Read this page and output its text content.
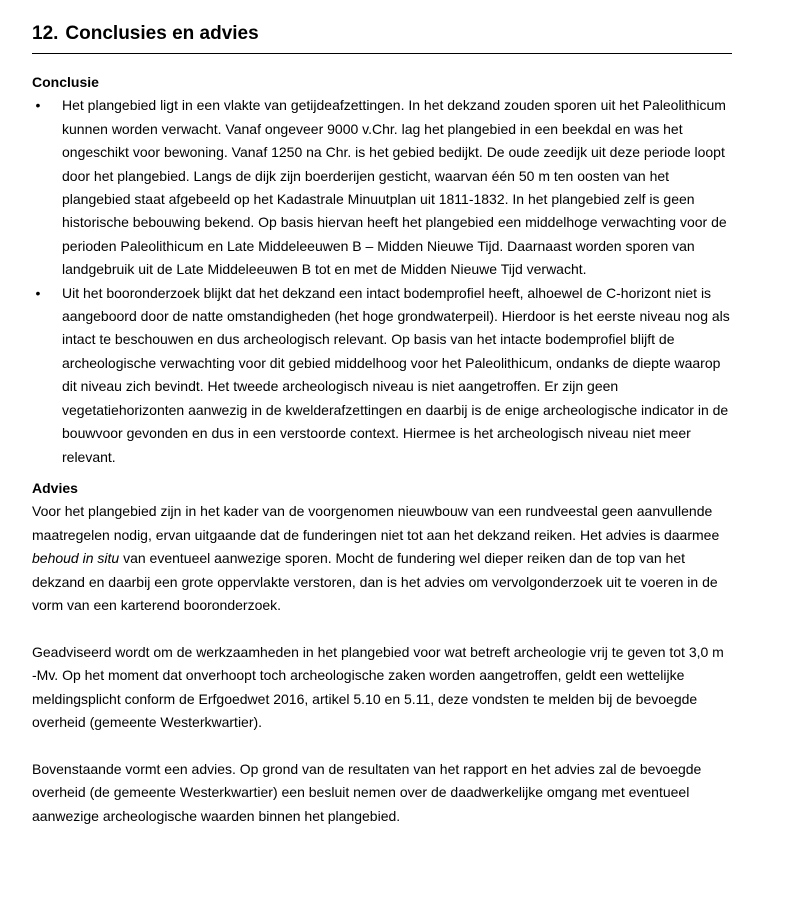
12. Conclusies en advies
Conclusie
• Het plangebied ligt in een vlakte van getijdeafzettingen. In het dekzand zouden sporen uit het Paleolithicum kunnen worden verwacht. Vanaf ongeveer 9000 v.Chr. lag het plangebied in een beekdal en was het ongeschikt voor bewoning. Vanaf 1250 na Chr. is het gebied bedijkt. De oude zeedijk uit deze periode loopt door het plangebied. Langs de dijk zijn boerderijen gesticht, waarvan één 50 m ten oosten van het plangebied staat afgebeeld op het Kadastrale Minuutplan uit 1811-1832. In het plangebied zelf is geen historische bebouwing bekend. Op basis hiervan heeft het plangebied een middelhoge verwachting voor de perioden Paleolithicum en Late Middeleeuwen B – Midden Nieuwe Tijd. Daarnaast worden sporen van landgebruik uit de Late Middeleeuwen B tot en met de Midden Nieuwe Tijd verwacht.
• Uit het booronderzoek blijkt dat het dekzand een intact bodemprofiel heeft, alhoewel de C-horizont niet is aangeboord door de natte omstandigheden (het hoge grondwaterpeil). Hierdoor is het eerste niveau nog als intact te beschouwen en dus archeologisch relevant. Op basis van het intacte bodemprofiel blijft de archeologische verwachting voor dit gebied middelhoog voor het Paleolithicum, ondanks de diepte waarop dit niveau zich bevindt. Het tweede archeologisch niveau is niet aangetroffen. Er zijn geen vegetatiehorizonten aanwezig in de kwelderafzettingen en daarbij is de enige archeologische indicator in de bouwvoor gevonden en dus in een verstoorde context. Hiermee is het archeologisch niveau niet meer relevant.
Advies

Voor het plangebied zijn in het kader van de voorgenomen nieuwbouw van een rundveestal geen aanvullende maatregelen nodig, ervan uitgaande dat de funderingen niet tot aan het dekzand reiken. Het advies is daarmee behoud in situ van eventueel aanwezige sporen. Mocht de fundering wel dieper reiken dan de top van het dekzand en daarbij een grote oppervlakte verstoren, dan is het advies om vervolgonderzoek uit te voeren in de vorm van een karterend booronderzoek.

Geadviseerd wordt om de werkzaamheden in het plangebied voor wat betreft archeologie vrij te geven tot 3,0 m -Mv. Op het moment dat onverhoopt toch archeologische zaken worden aangetroffen, geldt een wettelijke meldingsplicht conform de Erfgoedwet 2016, artikel 5.10 en 5.11, deze vondsten te melden bij de bevoegde overheid (gemeente Westerkwartier).

Bovenstaande vormt een advies. Op grond van de resultaten van het rapport en het advies zal de bevoegde overheid (de gemeente Westerkwartier) een besluit nemen over de daadwerkelijke omgang met eventueel aanwezige archeologische waarden binnen het plangebied.
